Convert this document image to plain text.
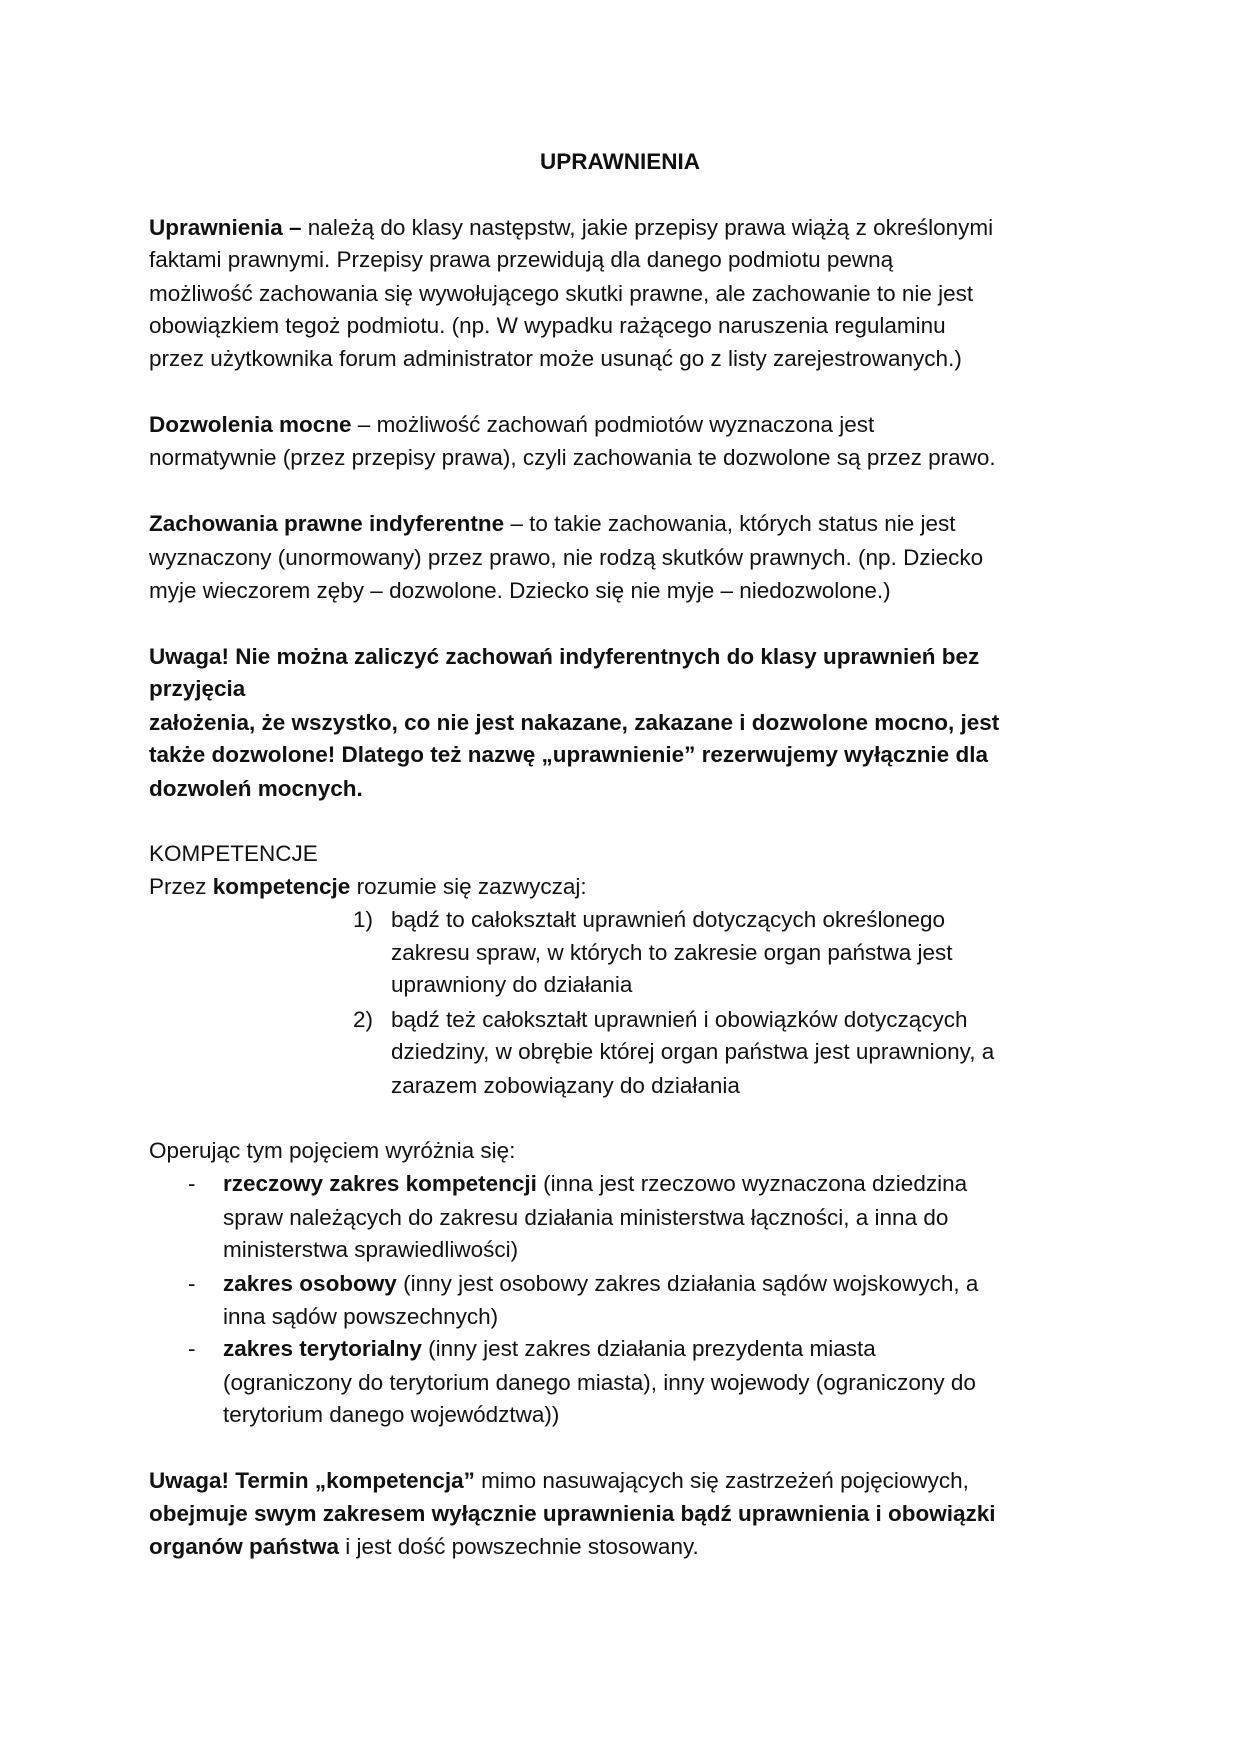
UPRAWNIENIA
Uprawnienia – należą do klasy następstw, jakie przepisy prawa wiążą z określonymi
faktami prawnymi. Przepisy prawa przewidują dla danego podmiotu pewną
możliwość zachowania się wywołującego skutki prawne, ale zachowanie to nie jest
obowiązkiem tegoż podmiotu. (np. W wypadku rażącego naruszenia regulaminu
przez użytkownika forum administrator może usunąć go z listy zarejestrowanych.)
Dozwolenia mocne – możliwość zachowań podmiotów wyznaczona jest
normatywnie (przez przepisy prawa), czyli zachowania te dozwolone są przez prawo.
Zachowania prawne indyferentne – to takie zachowania, których status nie jest
wyznaczony (unormowany) przez prawo, nie rodzą skutków prawnych. (np. Dziecko
myje wieczorem zęby – dozwolone. Dziecko się nie myje – niedozwolone.)
Uwaga! Nie można zaliczyć zachowań indyferentnych do klasy uprawnień bez
przyjęcia
założenia, że wszystko, co nie jest nakazane, zakazane i dozwolone mocno, jest
także dozwolone! Dlatego też nazwę „uprawnienie” rezerwujemy wyłącznie dla
dozwoleń mocnych.
KOMPETENCJE
Przez kompetencje rozumie się zazwyczaj:
1) bądź to całokształt uprawnień dotyczących określonego
zakresu spraw, w których to zakresie organ państwa jest
uprawniony do działania
2) bądź też całokształt uprawnień i obowiązków dotyczących
dziedziny, w obrębie której organ państwa jest uprawniony, a
zarazem zobowiązany do działania
Operując tym pojęciem wyróżnia się:
- rzeczowy zakres kompetencji (inna jest rzeczowo wyznaczona dziedzina
spraw należących do zakresu działania ministerstwa łączności, a inna do
ministerstwa sprawiedliwości)
- zakres osobowy (inny jest osobowy zakres działania sądów wojskowych, a
inna sądów powszechnych)
- zakres terytorialny (inny jest zakres działania prezydenta miasta
(ograniczony do terytorium danego miasta), inny wojewody (ograniczony do
terytorium danego województwa))
Uwaga! Termin „kompetencja” mimo nasuwających się zastrzeżeń pojęciowych,
obejmuje swym zakresem wyłącznie uprawnienia bądź uprawnienia i obowiązki
organów państwa i jest dość powszechnie stosowany.
